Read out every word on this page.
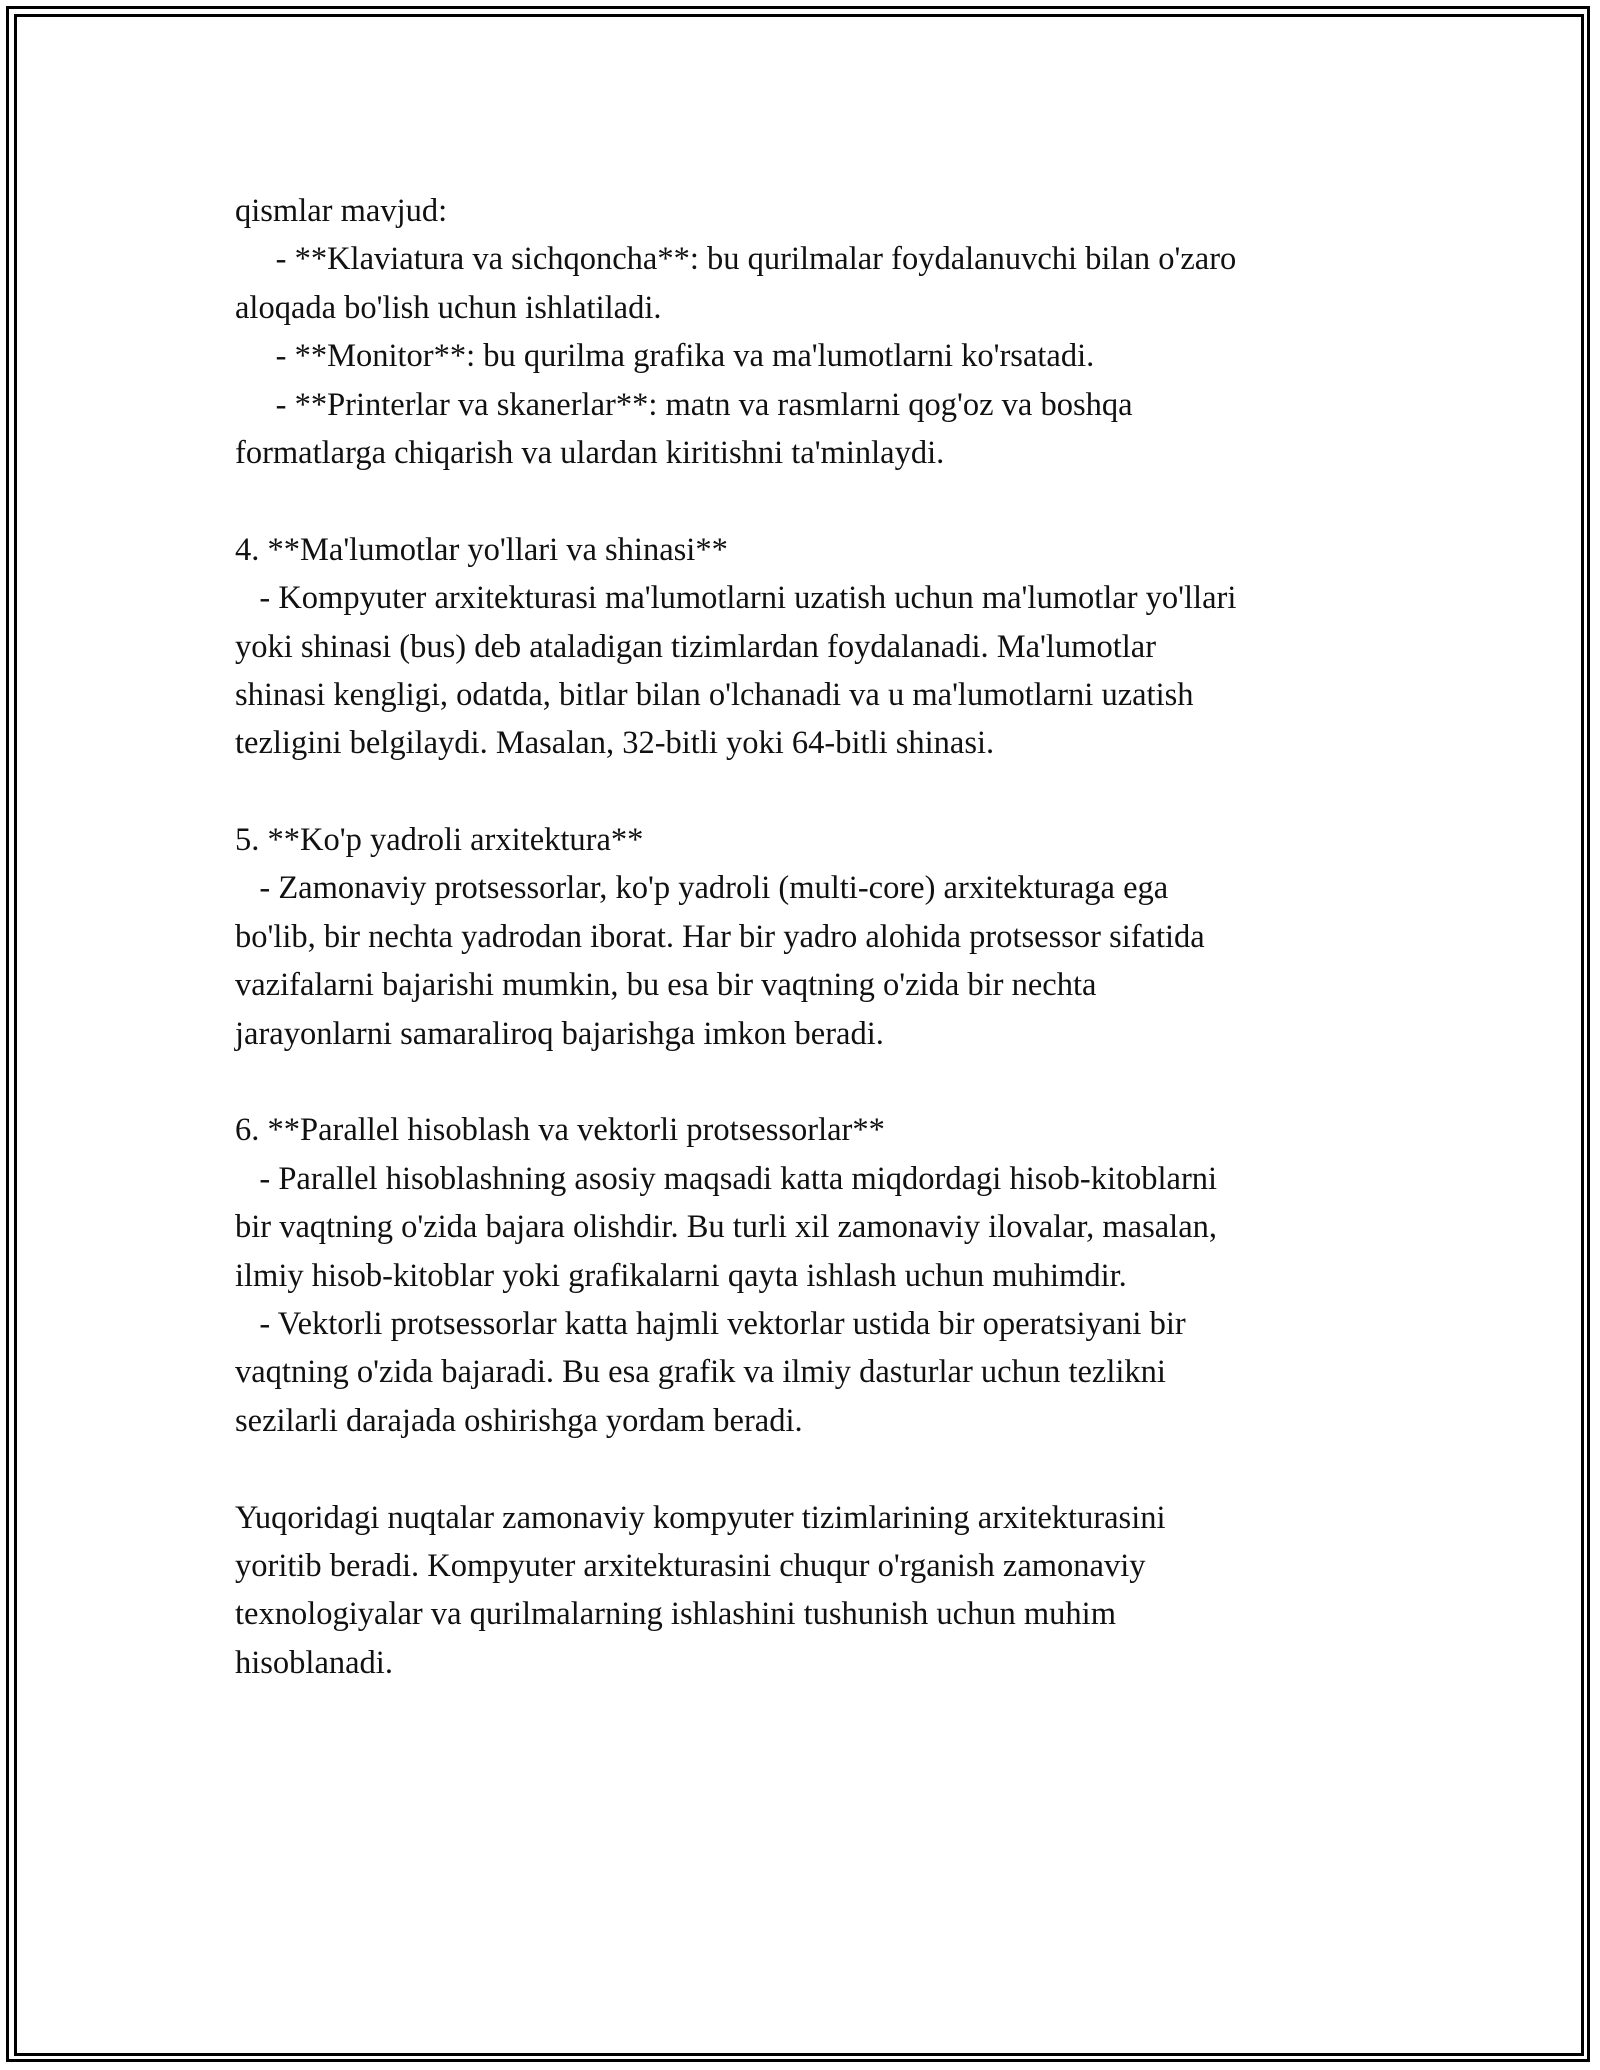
qismlar mavjud:
- **Klaviatura va sichqoncha**: bu qurilmalar foydalanuvchi bilan o'zaro
aloqada bo'lish uchun ishlatiladi.
- **Monitor**: bu qurilma grafika va ma'lumotlarni ko'rsatadi.
- **Printerlar va skanerlar**: matn va rasmlarni qog'oz va boshqa
formatlarga chiqarish va ulardan kiritishni ta'minlaydi.
4. **Ma'lumotlar yo'llari va shinasi**
- Kompyuter arxitekturasi ma'lumotlarni uzatish uchun ma'lumotlar yo'llari
yoki shinasi (bus) deb ataladigan tizimlardan foydalanadi. Ma'lumotlar
shinasi kengligi, odatda, bitlar bilan o'lchanadi va u ma'lumotlarni uzatish
tezligini belgilaydi. Masalan, 32-bitli yoki 64-bitli shinasi.
5. **Ko'p yadroli arxitektura**
- Zamonaviy protsessorlar, ko'p yadroli (multi-core) arxitekturaga ega
bo'lib, bir nechta yadrodan iborat. Har bir yadro alohida protsessor sifatida
vazifalarni bajarishi mumkin, bu esa bir vaqtning o'zida bir nechta
jarayonlarni samaraliroq bajarishga imkon beradi.
6. **Parallel hisoblash va vektorli protsessorlar**
- Parallel hisoblashning asosiy maqsadi katta miqdordagi hisob-kitoblarni
bir vaqtning o'zida bajara olishdir. Bu turli xil zamonaviy ilovalar, masalan,
ilmiy hisob-kitoblar yoki grafikalarni qayta ishlash uchun muhimdir.
- Vektorli protsessorlar katta hajmli vektorlar ustida bir operatsiyani bir
vaqtning o'zida bajaradi. Bu esa grafik va ilmiy dasturlar uchun tezlikni
sezilarli darajada oshirishga yordam beradi.
Yuqoridagi nuqtalar zamonaviy kompyuter tizimlarining arxitekturasini
yoritib beradi. Kompyuter arxitekturasini chuqur o'rganish zamonaviy
texnologiyalar va qurilmalarning ishlashini tushunish uchun muhim
hisoblanadi.
